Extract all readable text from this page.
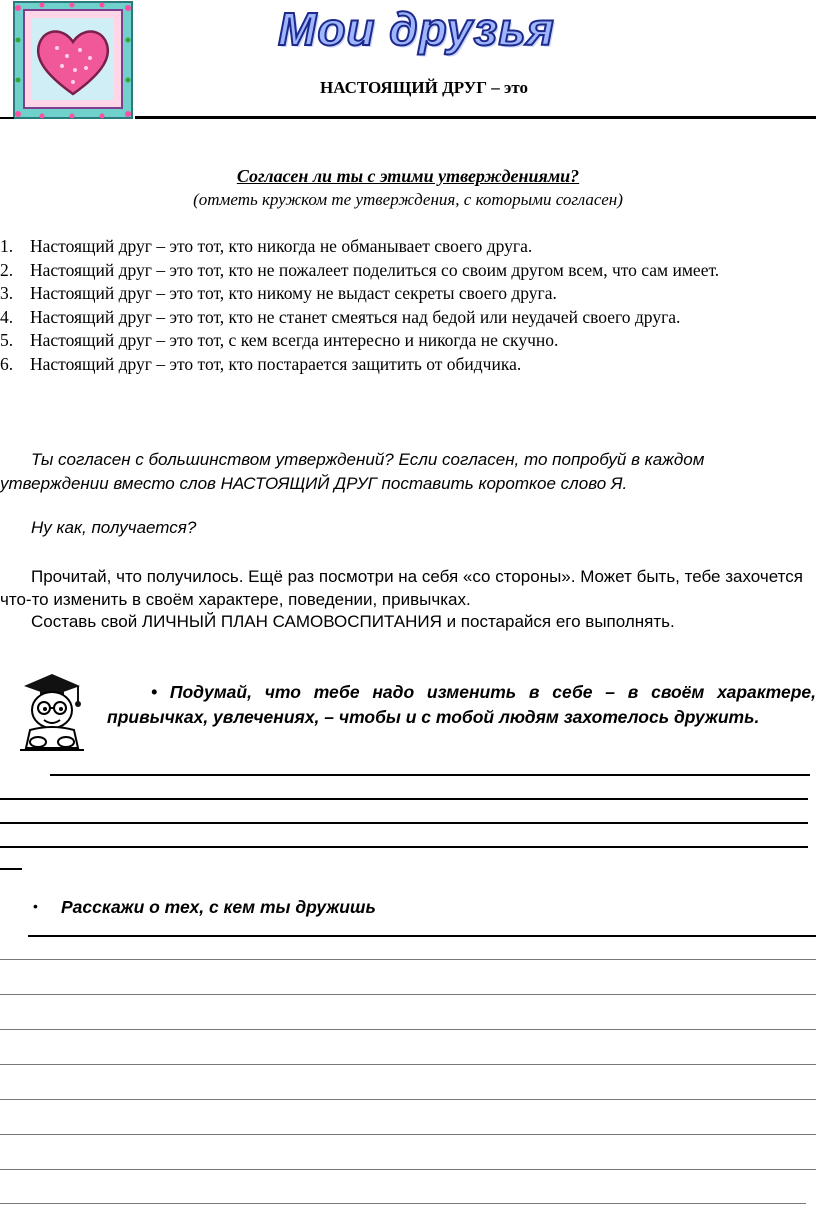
Мои друзья
НАСТОЯЩИЙ ДРУГ – это
Согласен ли ты с этими утверждениями?
(отметь кружком те утверждения, с которыми согласен)
1. Настоящий друг – это тот, кто никогда не обманывает своего друга.
2. Настоящий друг – это тот, кто не пожалеет поделиться со своим другом всем, что сам имеет.
3. Настоящий друг – это тот, кто никому не выдаст секреты своего друга.
4. Настоящий друг – это тот, кто не станет смеяться над бедой или неудачей своего друга.
5. Настоящий друг – это тот, с кем всегда интересно и никогда не скучно.
6. Настоящий друг – это тот, кто постарается защитить от обидчика.
Ты согласен с большинством утверждений? Если согласен, то попробуй в каждом утверждении вместо слов НАСТОЯЩИЙ ДРУГ поставить короткое слово Я.
Ну как, получается?
Прочитай, что получилось. Ещё раз посмотри на себя «со стороны». Может быть, тебе захочется что-то изменить в своём характере, поведении, привычках.
Составь свой ЛИЧНЫЙ ПЛАН САМОВОСПИТАНИЯ и постарайся его выполнять.
• Подумай, что тебе надо изменить в себе – в своём характере, привычках, увлечениях, – чтобы и с тобой людям захотелось дружить.
• Расскажи о тех, с кем ты дружишь
